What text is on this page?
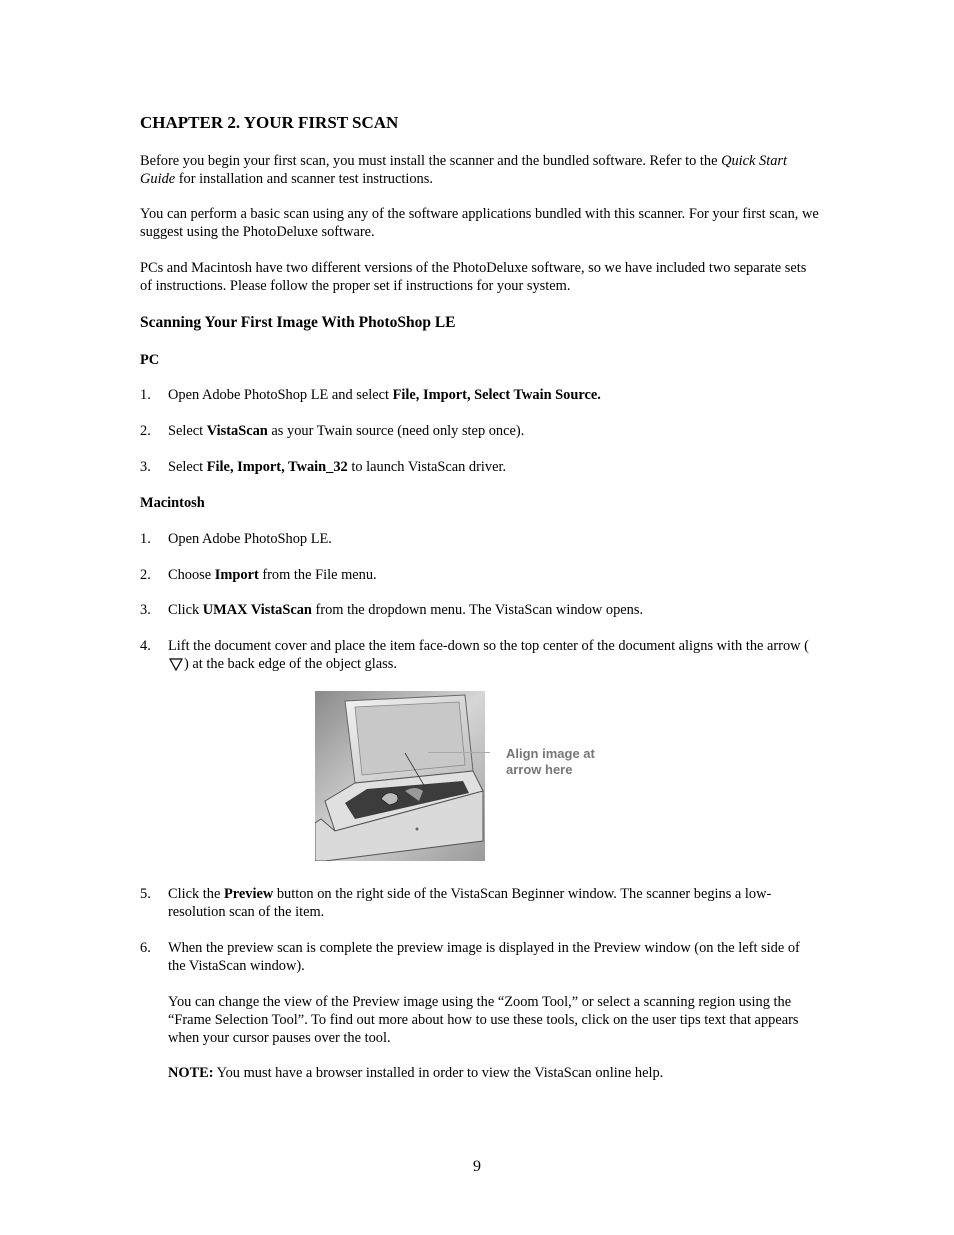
CHAPTER 2. YOUR FIRST SCAN

Before you begin your first scan, you must install the scanner and the bundled software. Refer to the Quick Start Guide for installation and scanner test instructions.

You can perform a basic scan using any of the software applications bundled with this scanner. For your first scan, we suggest using the PhotoDeluxe software.

PCs and Macintosh have two different versions of the PhotoDeluxe software, so we have included two separate sets of instructions. Please follow the proper set if instructions for your system.

Scanning Your First Image With PhotoShop LE
PC
1. Open Adobe PhotoShop LE and select File, Import, Select Twain Source.

2. Select VistaScan as your Twain source (need only step once).

3. Select File, Import, Twain_32 to launch VistaScan driver.

Macintosh
1. Open Adobe PhotoShop LE.

2. Choose Import from the File menu.

3. Click UMAX VistaScan from the dropdown menu. The VistaScan window opens.

4. Lift the document cover and place the item face-down so the top center of the document aligns with the arrow () at the back edge of the object glass.

Align image at
arrow here
5. Click the Preview button on the right side of the VistaScan Beginner window. The scanner begins a low-resolution scan of the item.

6. When the preview scan is complete the preview image is displayed in the Preview window (on the left side of the VistaScan window).

You can change the view of the Preview image using the “Zoom Tool,” or select a scanning region using the “Frame Selection Tool”. To find out more about how to use these tools, click on the user tips text that appears when your cursor pauses over the tool.

NOTE: You must have a browser installed in order to view the VistaScan online help.

9
